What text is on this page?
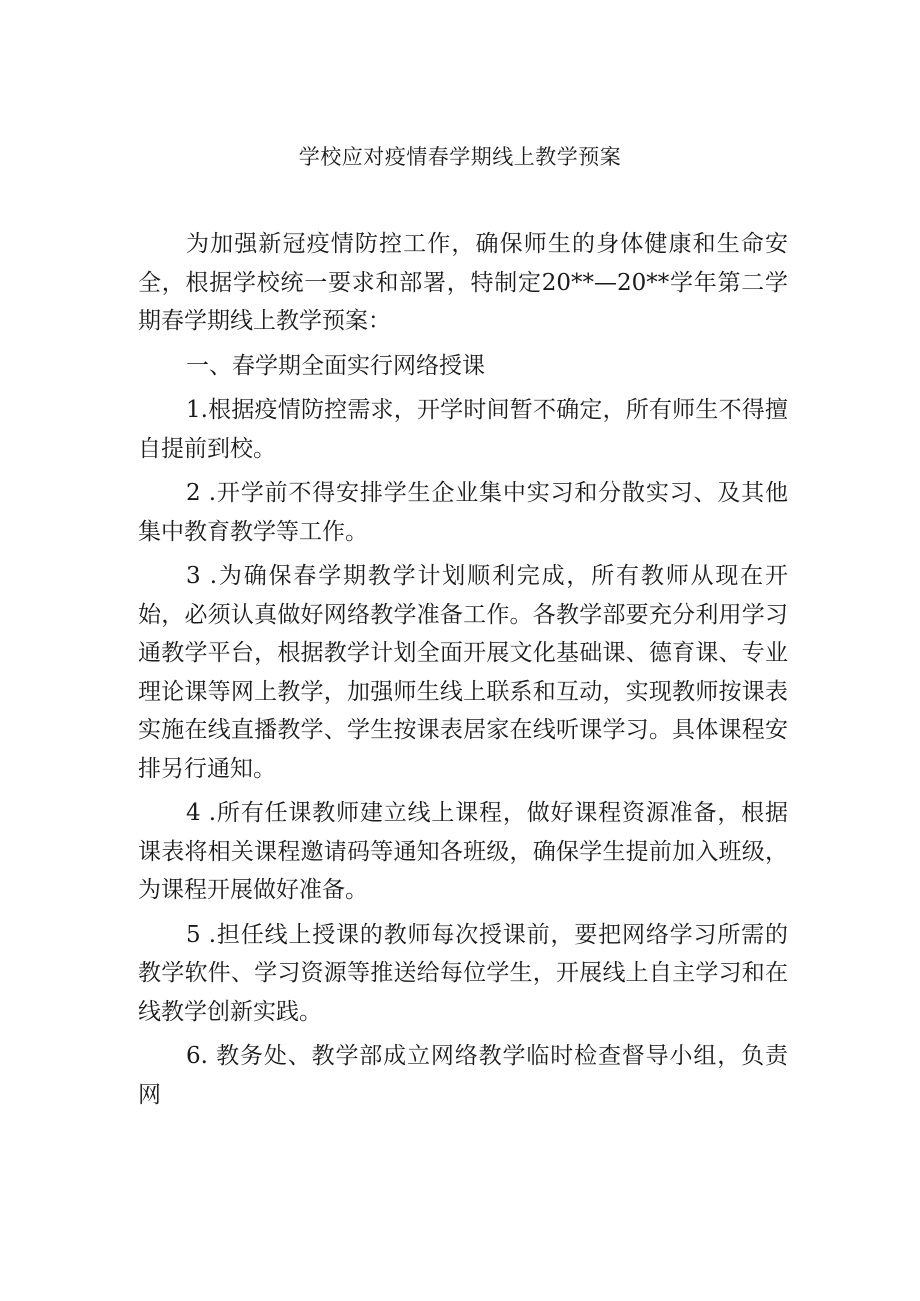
学校应对疫情春学期线上教学预案

为加强新冠疫情防控工作，确保师生的身体健康和生命安全，根据学校统一要求和部署，特制定20**—20**学年第二学期春学期线上教学预案：

一、春学期全面实行网络授课

1.根据疫情防控需求，开学时间暂不确定，所有师生不得擅自提前到校。

2 .开学前不得安排学生企业集中实习和分散实习、及其他集中教育教学等工作。

3 .为确保春学期教学计划顺利完成，所有教师从现在开始，必须认真做好网络教学准备工作。各教学部要充分利用学习通教学平台，根据教学计划全面开展文化基础课、德育课、专业理论课等网上教学，加强师生线上联系和互动，实现教师按课表实施在线直播教学、学生按课表居家在线听课学习。具体课程安排另行通知。

4 .所有任课教师建立线上课程，做好课程资源准备，根据课表将相关课程邀请码等通知各班级，确保学生提前加入班级，为课程开展做好准备。

5 .担任线上授课的教师每次授课前，要把网络学习所需的教学软件、学习资源等推送给每位学生，开展线上自主学习和在线教学创新实践。

6. 教务处、教学部成立网络教学临时检查督导小组，负责网
